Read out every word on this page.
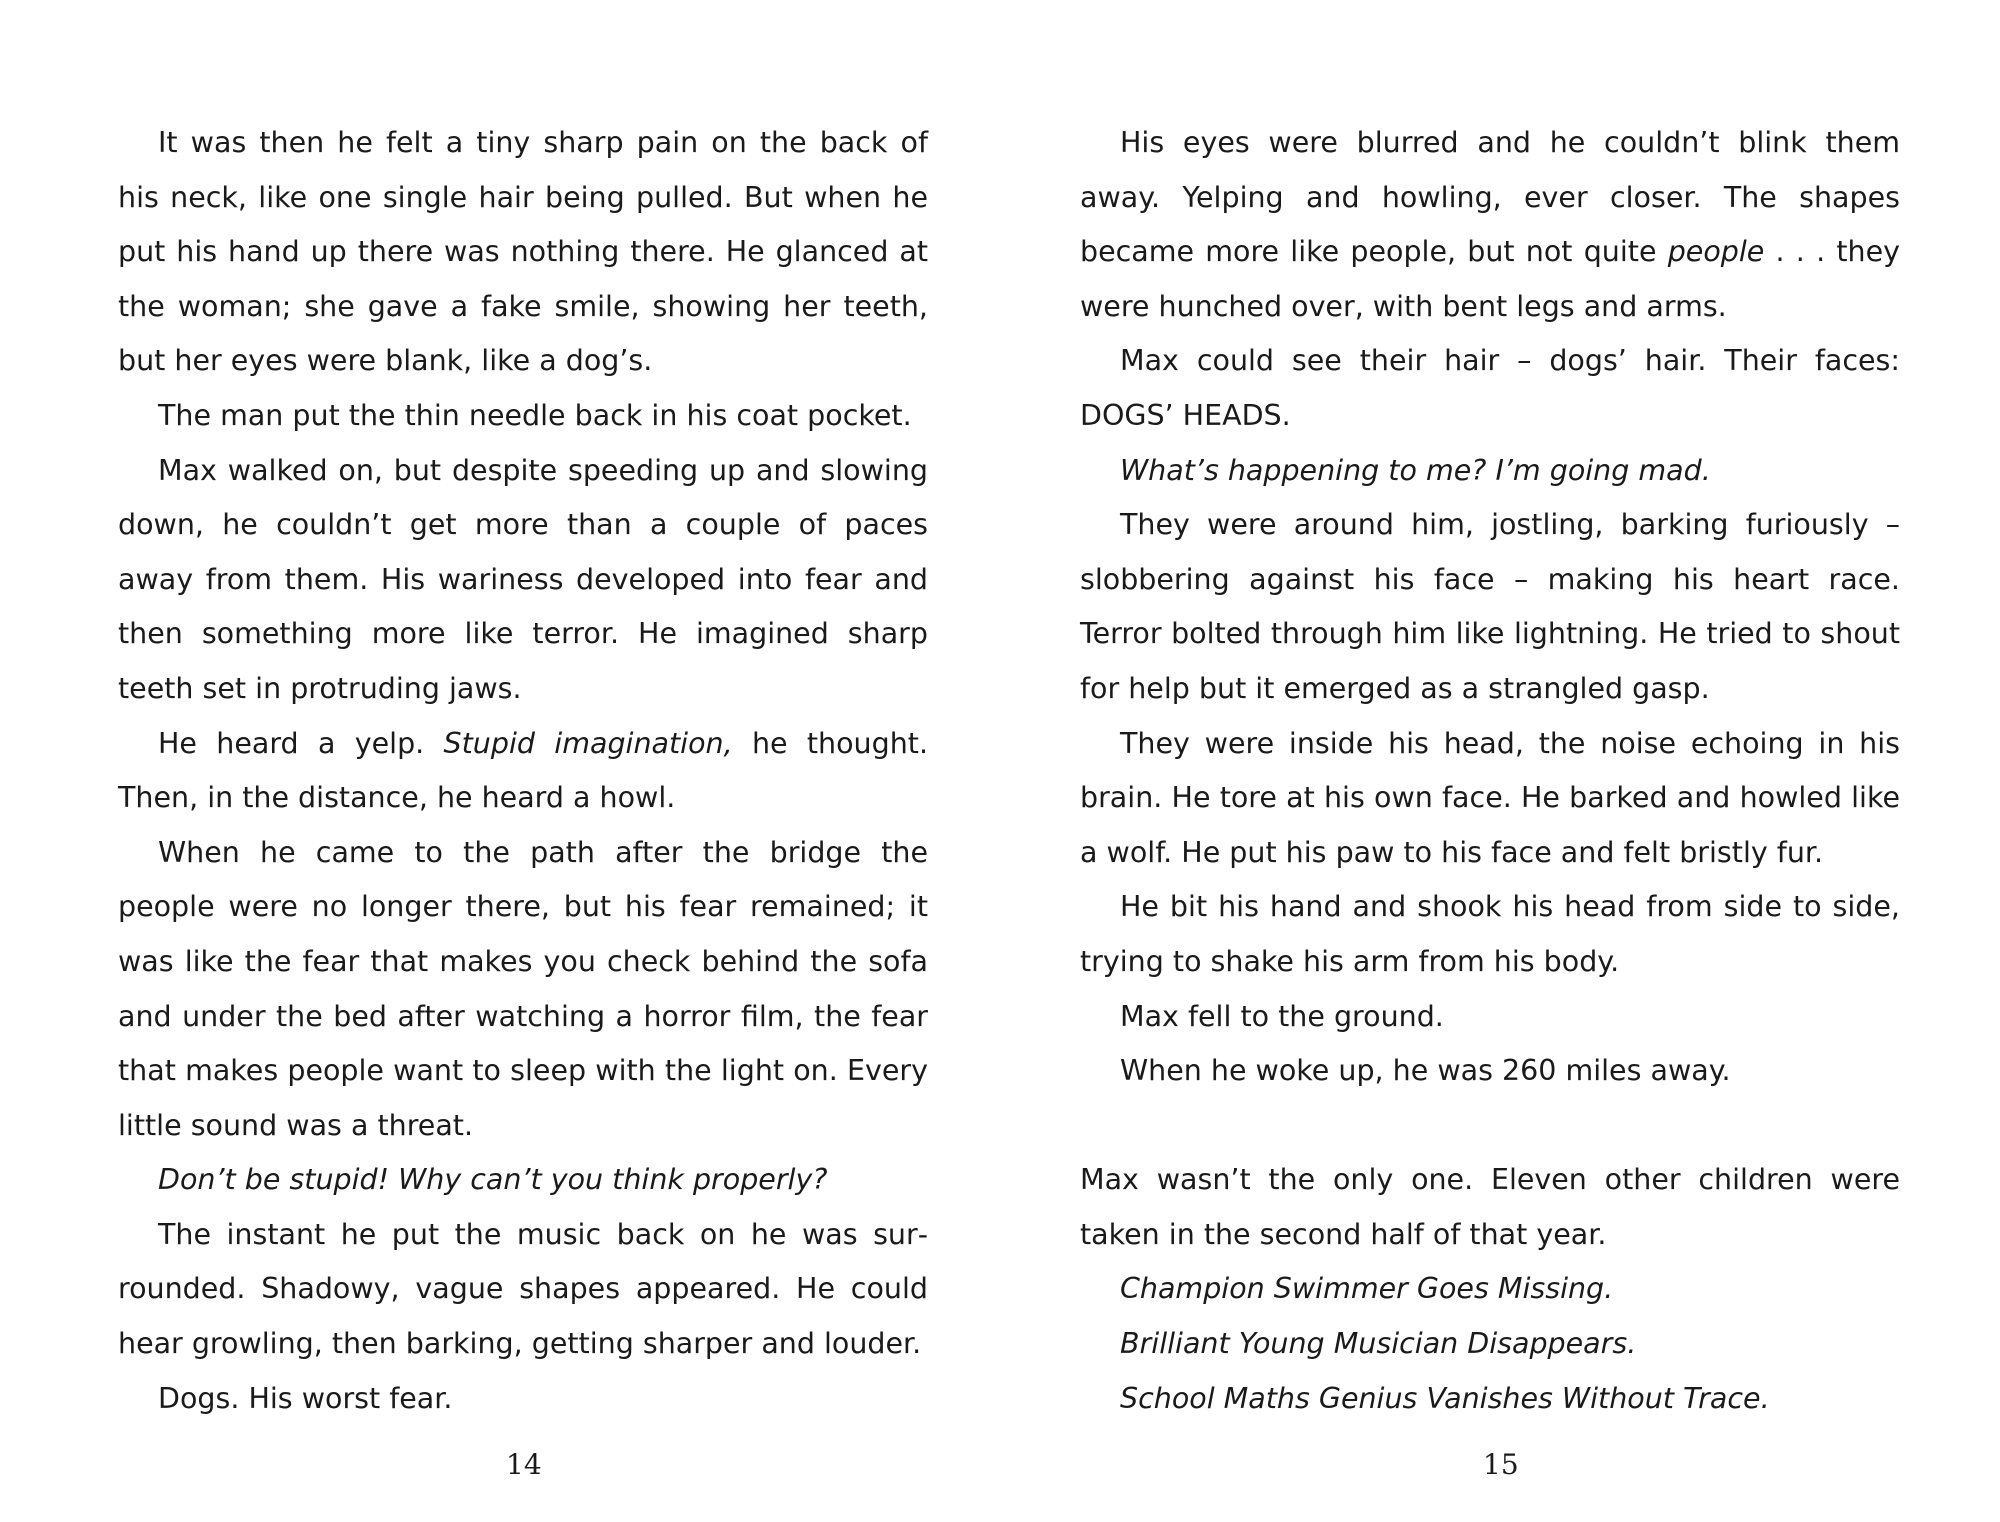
It was then he felt a tiny sharp pain on the back of his neck, like one single hair being pulled. But when he put his hand up there was nothing there. He glanced at the woman; she gave a fake smile, showing her teeth, but her eyes were blank, like a dog’s.

The man put the thin needle back in his coat pocket.

Max walked on, but despite speeding up and slowing down, he couldn’t get more than a couple of paces away from them. His wariness developed into fear and then something more like terror. He imagined sharp teeth set in protruding jaws.

He heard a yelp. Stupid imagination, he thought. Then, in the distance, he heard a howl.

When he came to the path after the bridge the people were no longer there, but his fear remained; it was like the fear that makes you check behind the sofa and under the bed after watching a horror film, the fear that makes people want to sleep with the light on. Every little sound was a threat.

Don’t be stupid! Why can’t you think properly?

The instant he put the music back on he was surrounded. Shadowy, vague shapes appeared. He could hear growling, then barking, getting sharper and louder.

Dogs. His worst fear.

14

His eyes were blurred and he couldn’t blink them away. Yelping and howling, ever closer. The shapes became more like people, but not quite people . . . they were hunched over, with bent legs and arms.

Max could see their hair – dogs’ hair. Their faces: DOGS’ HEADS.

What’s happening to me? I’m going mad.

They were around him, jostling, barking furiously – slobbering against his face – making his heart race. Terror bolted through him like lightning. He tried to shout for help but it emerged as a strangled gasp.

They were inside his head, the noise echoing in his brain. He tore at his own face. He barked and howled like a wolf. He put his paw to his face and felt bristly fur.

He bit his hand and shook his head from side to side, trying to shake his arm from his body.

Max fell to the ground.

When he woke up, he was 260 miles away.

Max wasn’t the only one. Eleven other children were taken in the second half of that year.

Champion Swimmer Goes Missing.

Brilliant Young Musician Disappears.

School Maths Genius Vanishes Without Trace.

15
